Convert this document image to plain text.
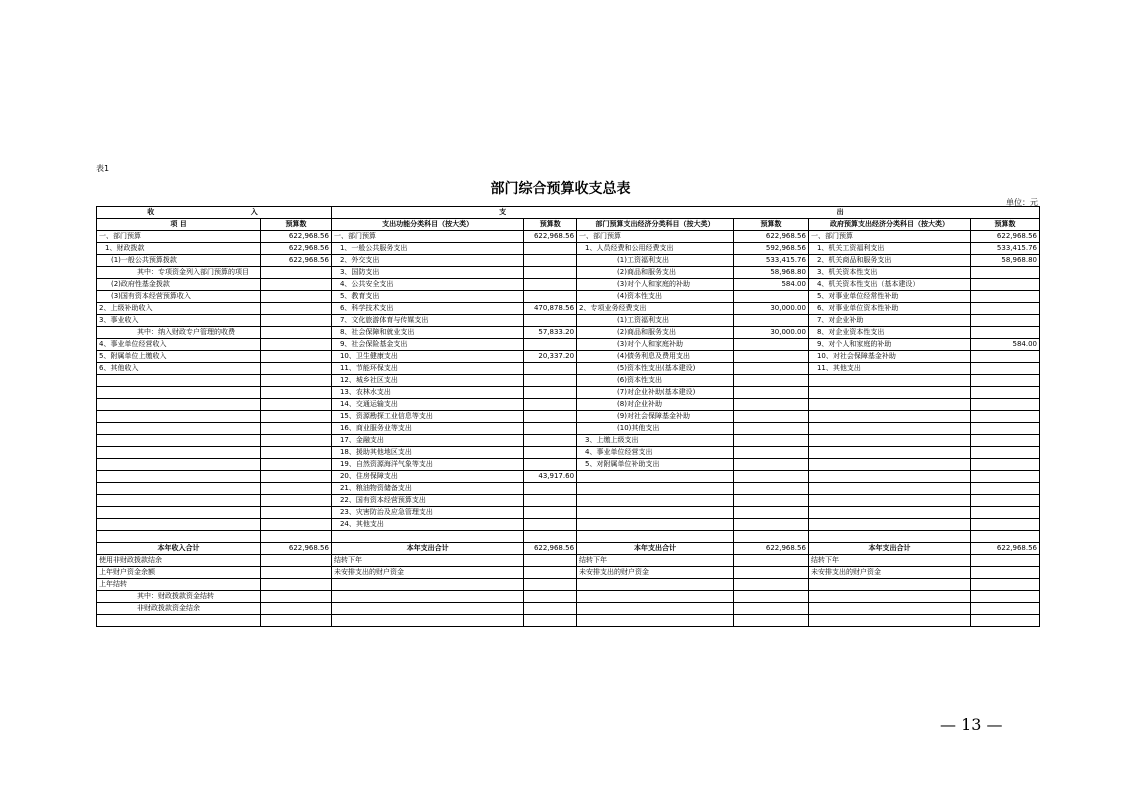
表1
部门综合预算收支总表
单位：元
收 入		支 出					
项 目	预算数	支出功能分类科目（按大类）	预算数	部门预算支出经济分类科目（按大类）	预算数	政府预算支出经济分类科目（按大类）	预算数
一、部门预算	622,968.56	一、部门预算	622,968.56	一、部门预算	622,968.56	一、部门预算	622,968.56
1、财政拨款	622,968.56	1、一般公共服务支出		1、人员经费和公用经费支出	592,968.56	1、机关工资福利支出	533,415.76
(1)一般公共预算拨款	622,968.56	2、外交支出		(1)工资福利支出	533,415.76	2、机关商品和服务支出	58,968.80
其中：专项资金列入部门预算的项目		3、国防支出		(2)商品和服务支出	58,968.80	3、机关资本性支出	
(2)政府性基金拨款		4、公共安全支出		(3)对个人和家庭的补助	584.00	4、机关资本性支出（基本建设）	
(3)国有资本经营预算收入		5、教育支出		(4)资本性支出		5、对事业单位经常性补助	
2、上级补助收入		6、科学技术支出	470,878.56	2、专项业务经费支出	30,000.00	6、对事业单位资本性补助	
3、事业收入		7、文化旅游体育与传媒支出		(1)工资福利支出		7、对企业补助	
其中：纳入财政专户管理的收费		8、社会保障和就业支出	57,833.20	(2)商品和服务支出	30,000.00	8、对企业资本性支出	
4、事业单位经营收入		9、社会保险基金支出		(3)对个人和家庭补助		9、对个人和家庭的补助	584.00
5、附属单位上缴收入		10、卫生健康支出	20,337.20	(4)债务利息及费用支出		10、对社会保障基金补助	
6、其他收入		11、节能环保支出		(5)资本性支出(基本建设)		11、其他支出	
		12、城乡社区支出		(6)资本性支出			
		13、农林水支出		(7)对企业补助(基本建设)			
		14、交通运输支出		(8)对企业补助			
		15、资源勘探工业信息等支出		(9)对社会保障基金补助			
		16、商业服务业等支出		(10)其他支出			
		17、金融支出		3、上缴上级支出			
		18、援助其他地区支出		4、事业单位经营支出			
		19、自然资源海洋气象等支出		5、对附属单位补助支出			
		20、住房保障支出	43,917.60				
		21、粮油物资储备支出					
		22、国有资本经营预算支出					
		23、灾害防治及应急管理支出					
		24、其他支出					

本年收入合计	622,968.56	本年支出合计	622,968.56	本年支出合计	622,968.56	本年支出合计	622,968.56
使用非财政拨款结余		结转下年		结转下年		结转下年	
上年财户资金余额		未安排支出的财户资金		未安排支出的财户资金		未安排支出的财户资金	
上年结转							
其中：财政拨款资金结转							
非财政拨款资金结余							

— 13 —
